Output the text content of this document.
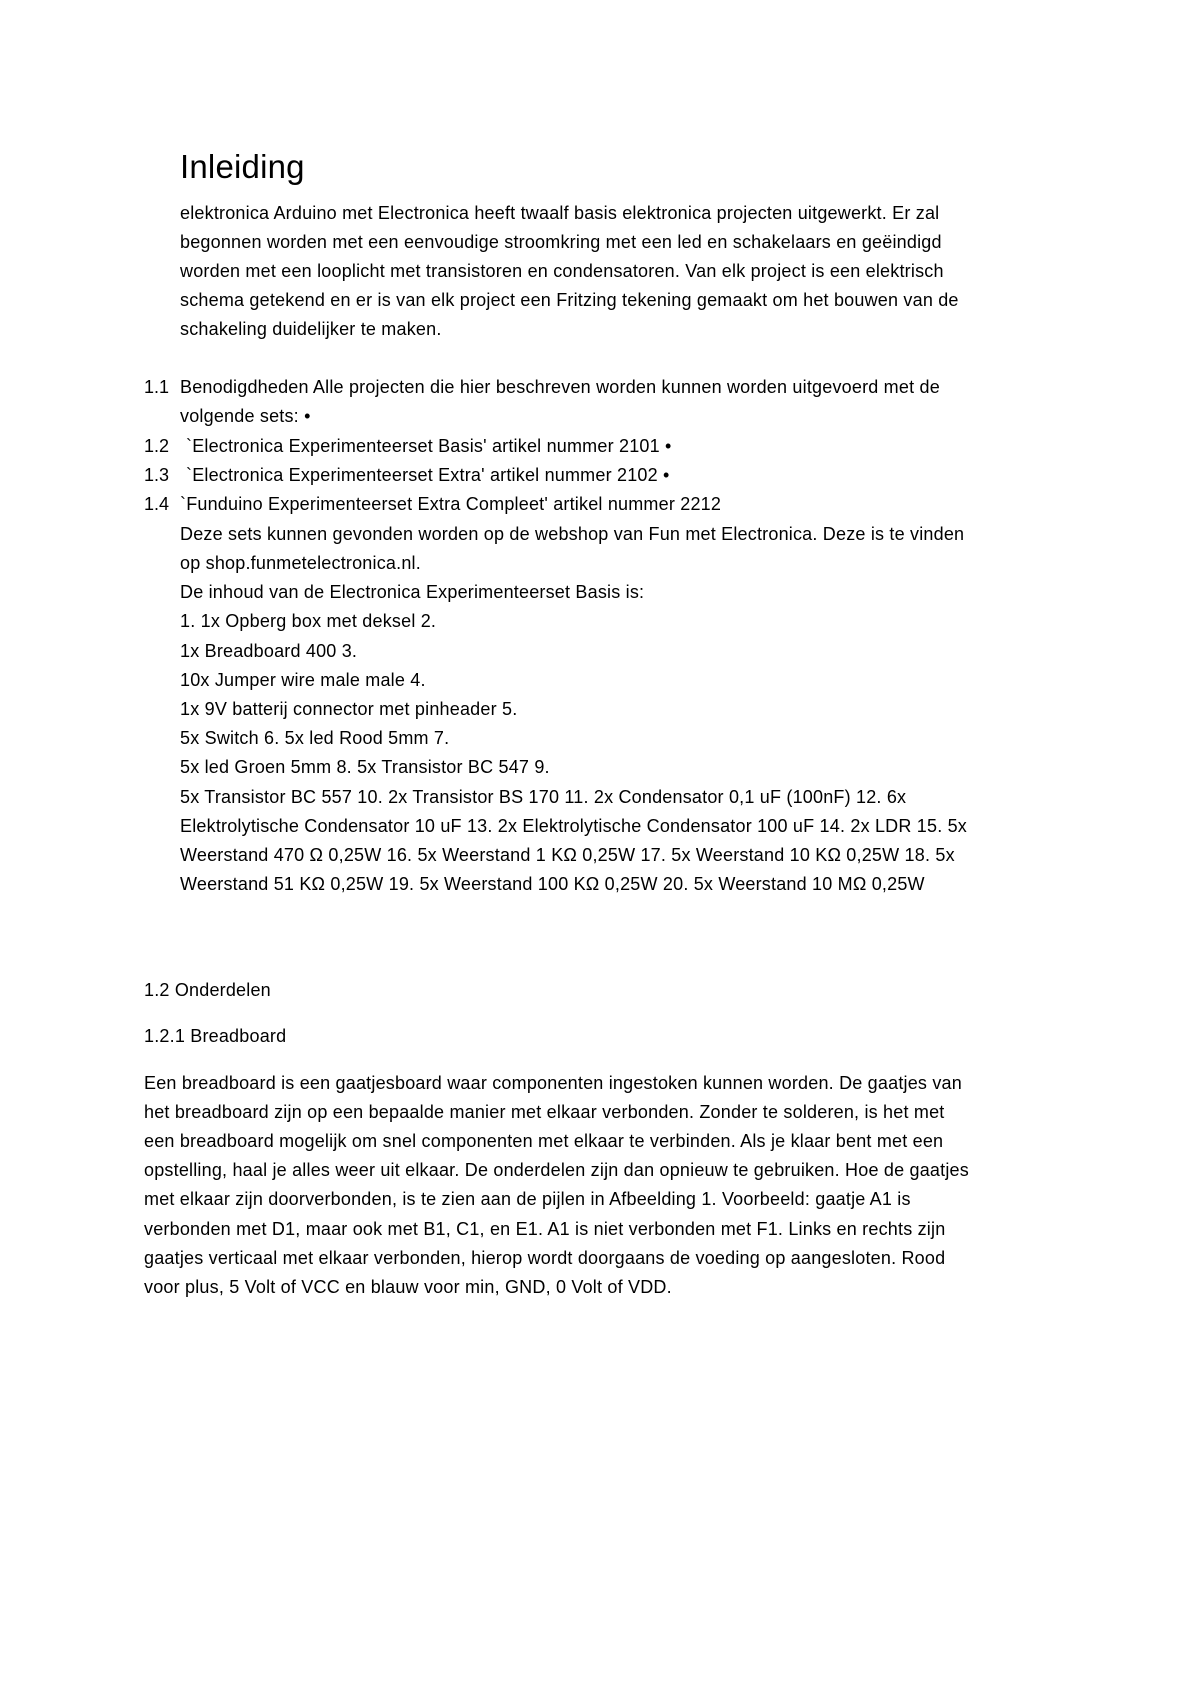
Inleiding
elektronica Arduino met Electronica heeft twaalf basis elektronica projecten uitgewerkt. Er zal
begonnen worden met een eenvoudige stroomkring met een led en schakelaars en geëindigd
worden met een looplicht met transistoren en condensatoren. Van elk project is een elektrisch
schema getekend en er is van elk project een Fritzing tekening gemaakt om het bouwen van de
schakeling duidelijker te maken.
1.1 Benodigdheden Alle projecten die hier beschreven worden kunnen worden uitgevoerd met de
volgende sets: •
1.2 `Electronica Experimenteerset Basis' artikel nummer 2101 •
1.3 `Electronica Experimenteerset Extra' artikel nummer 2102 •
1.4 `Funduino Experimenteerset Extra Compleet' artikel nummer 2212
Deze sets kunnen gevonden worden op de webshop van Fun met Electronica. Deze is te vinden
op shop.funmetelectronica.nl.
De inhoud van de Electronica Experimenteerset Basis is:
1. 1x Opberg box met deksel 2.
1x Breadboard 400 3.
10x Jumper wire male male 4.
1x 9V batterij connector met pinheader 5.
5x Switch 6. 5x led Rood 5mm 7.
5x led Groen 5mm 8. 5x Transistor BC 547 9.
5x Transistor BC 557 10. 2x Transistor BS 170 11. 2x Condensator 0,1 uF (100nF) 12. 6x
Elektrolytische Condensator 10 uF 13. 2x Elektrolytische Condensator 100 uF 14. 2x LDR 15. 5x
Weerstand 470 Ω 0,25W 16. 5x Weerstand 1 KΩ 0,25W 17. 5x Weerstand 10 KΩ 0,25W 18. 5x
Weerstand 51 KΩ 0,25W 19. 5x Weerstand 100 KΩ 0,25W 20. 5x Weerstand 10 MΩ 0,25W
1.2 Onderdelen
1.2.1 Breadboard
Een breadboard is een gaatjesboard waar componenten ingestoken kunnen worden. De gaatjes van
het breadboard zijn op een bepaalde manier met elkaar verbonden. Zonder te solderen, is het met
een breadboard mogelijk om snel componenten met elkaar te verbinden. Als je klaar bent met een
opstelling, haal je alles weer uit elkaar. De onderdelen zijn dan opnieuw te gebruiken. Hoe de gaatjes
met elkaar zijn doorverbonden, is te zien aan de pijlen in Afbeelding 1. Voorbeeld: gaatje A1 is
verbonden met D1, maar ook met B1, C1, en E1. A1 is niet verbonden met F1. Links en rechts zijn
gaatjes verticaal met elkaar verbonden, hierop wordt doorgaans de voeding op aangesloten. Rood
voor plus, 5 Volt of VCC en blauw voor min, GND, 0 Volt of VDD.
